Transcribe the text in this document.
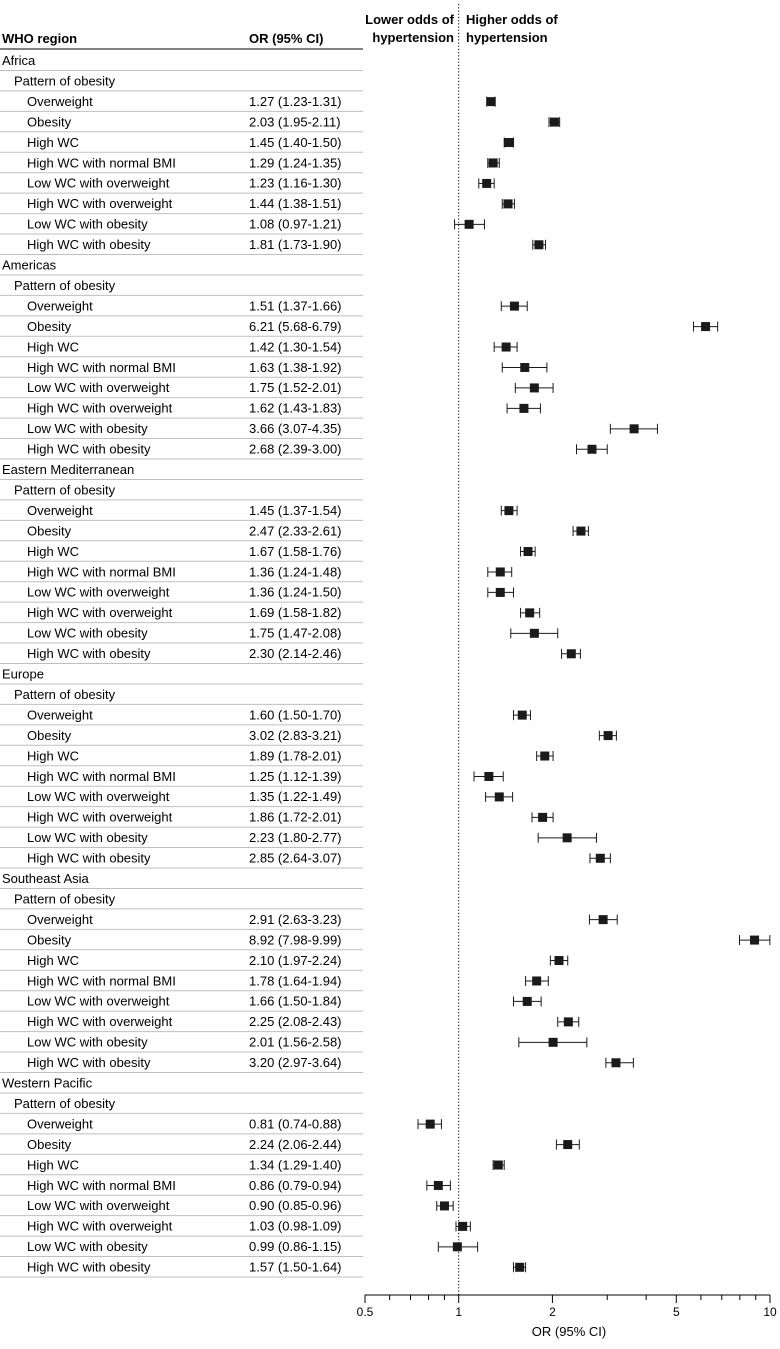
WHO region	OR (95% CI)
Lower odds of
hypertension
Higher odds of
hypertension
Africa
Pattern of obesity
Overweight	1.27 (1.23-1.31)
Obesity	2.03 (1.95-2.11)
High WC	1.45 (1.40-1.50)
High WC with normal BMI	1.29 (1.24-1.35)
Low WC with overweight	1.23 (1.16-1.30)
High WC with overweight	1.44 (1.38-1.51)
Low WC with obesity	1.08 (0.97-1.21)
High WC with obesity	1.81 (1.73-1.90)
Americas
Pattern of obesity
Overweight	1.51 (1.37-1.66)
Obesity	6.21 (5.68-6.79)
High WC	1.42 (1.30-1.54)
High WC with normal BMI	1.63 (1.38-1.92)
Low WC with overweight	1.75 (1.52-2.01)
High WC with overweight	1.62 (1.43-1.83)
Low WC with obesity	3.66 (3.07-4.35)
High WC with obesity	2.68 (2.39-3.00)
Eastern Mediterranean
Pattern of obesity
Overweight	1.45 (1.37-1.54)
Obesity	2.47 (2.33-2.61)
High WC	1.67 (1.58-1.76)
High WC with normal BMI	1.36 (1.24-1.48)
Low WC with overweight	1.36 (1.24-1.50)
High WC with overweight	1.69 (1.58-1.82)
Low WC with obesity	1.75 (1.47-2.08)
High WC with obesity	2.30 (2.14-2.46)
Europe
Pattern of obesity
Overweight	1.60 (1.50-1.70)
Obesity	3.02 (2.83-3.21)
High WC	1.89 (1.78-2.01)
High WC with normal BMI	1.25 (1.12-1.39)
Low WC with overweight	1.35 (1.22-1.49)
High WC with overweight	1.86 (1.72-2.01)
Low WC with obesity	2.23 (1.80-2.77)
High WC with obesity	2.85 (2.64-3.07)
Southeast Asia
Pattern of obesity
Overweight	2.91 (2.63-3.23)
Obesity	8.92 (7.98-9.99)
High WC	2.10 (1.97-2.24)
High WC with normal BMI	1.78 (1.64-1.94)
Low WC with overweight	1.66 (1.50-1.84)
High WC with overweight	2.25 (2.08-2.43)
Low WC with obesity	2.01 (1.56-2.58)
High WC with obesity	3.20 (2.97-3.64)
Western Pacific
Pattern of obesity
Overweight	0.81 (0.74-0.88)
Obesity	2.24 (2.06-2.44)
High WC	1.34 (1.29-1.40)
High WC with normal BMI	0.86 (0.79-0.94)
Low WC with overweight	0.90 (0.85-0.96)
High WC with overweight	1.03 (0.98-1.09)
Low WC with obesity	0.99 (0.86-1.15)
High WC with obesity	1.57 (1.50-1.64)
0.5	1	2	5	10
OR (95% CI)
